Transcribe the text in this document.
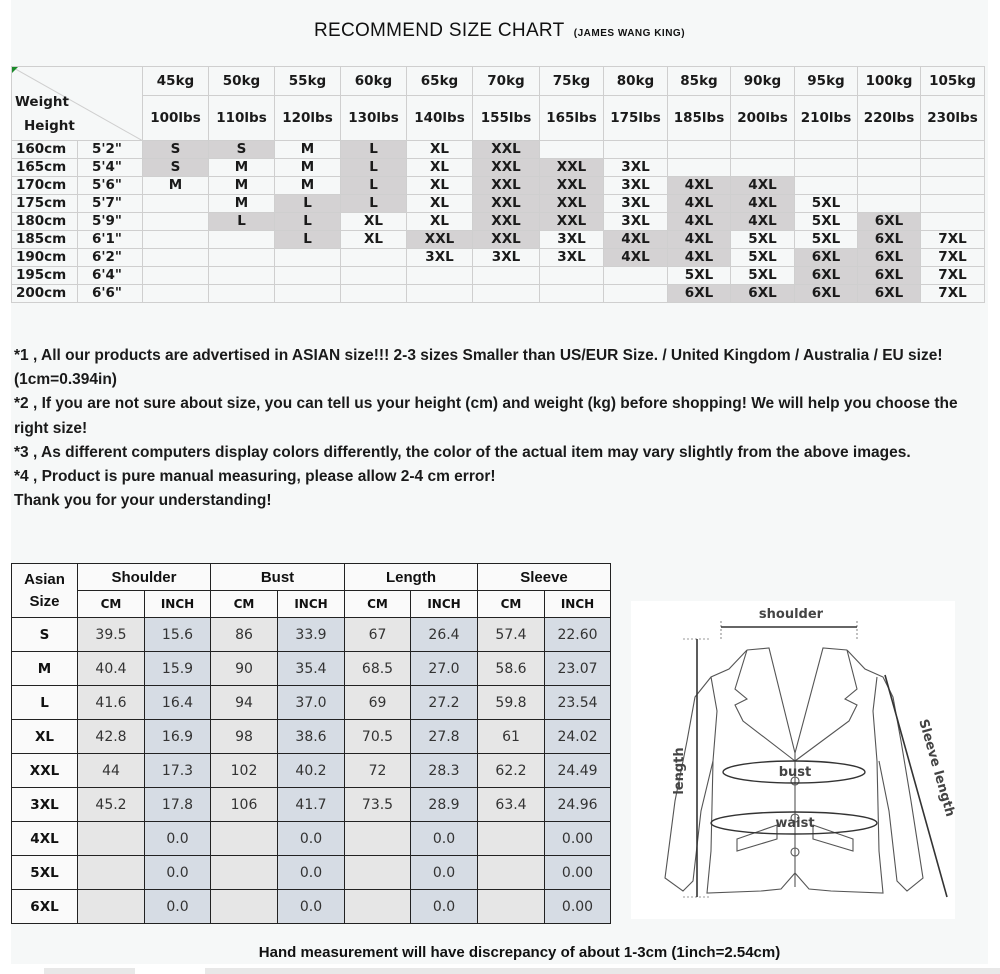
RECOMMEND SIZE CHART (JAMES WANG KING)
Weight
Height		45kg	50kg	55kg	60kg	65kg	70kg	75kg	80kg	85kg	90kg	95kg	100kg	105kg
		100lbs	110lbs	120lbs	130lbs	140lbs	155lbs	165lbs	175lbs	185lbs	200lbs	210lbs	220lbs	230lbs
160cm	5'2"	S	S	M	L	XL	XXL							
165cm	5'4"	S	M	M	L	XL	XXL	XXL	3XL					
170cm	5'6"	M	M	M	L	XL	XXL	XXL	3XL	4XL	4XL			
175cm	5'7"		M	L	L	XL	XXL	XXL	3XL	4XL	4XL	5XL		
180cm	5'9"		L	L	XL	XL	XXL	XXL	3XL	4XL	4XL	5XL	6XL	
185cm	6'1"			L	XL	XXL	XXL	3XL	4XL	4XL	5XL	5XL	6XL	7XL
190cm	6'2"					3XL	3XL	3XL	4XL	4XL	5XL	6XL	6XL	7XL
195cm	6'4"									5XL	5XL	6XL	6XL	7XL
200cm	6'6"									6XL	6XL	6XL	6XL	7XL

*1 , All our products are advertised in ASIAN size!!! 2-3 sizes Smaller than US/EUR Size. / United Kingdom / Australia / EU size! (1cm=0.394in)

*2 , If you are not sure about size, you can tell us your height (cm) and weight (kg) before shopping! We will help you choose the right size!

*3 , As different computers display colors differently, the color of the actual item may vary slightly from the above images.

*4 , Product is pure manual measuring, please allow 2-4 cm error!

Thank you for your understanding!

Asian
Size	Shoulder		Bust		Length		Sleeve	
	CM	INCH	CM	INCH	CM	INCH	CM	INCH
S	39.5	15.6	86	33.9	67	26.4	57.4	22.60
M	40.4	15.9	90	35.4	68.5	27.0	58.6	23.07
L	41.6	16.4	94	37.0	69	27.2	59.8	23.54
XL	42.8	16.9	98	38.6	70.5	27.8	61	24.02
XXL	44	17.3	102	40.2	72	28.3	62.2	24.49
3XL	45.2	17.8	106	41.7	73.5	28.9	63.4	24.96
4XL		0.0		0.0		0.0		0.00
5XL		0.0		0.0		0.0		0.00
6XL		0.0		0.0		0.0		0.00
shoulder
bust
waist
length	Sleeve length
Hand measurement will have discrepancy of about 1-3cm (1inch=2.54cm)
